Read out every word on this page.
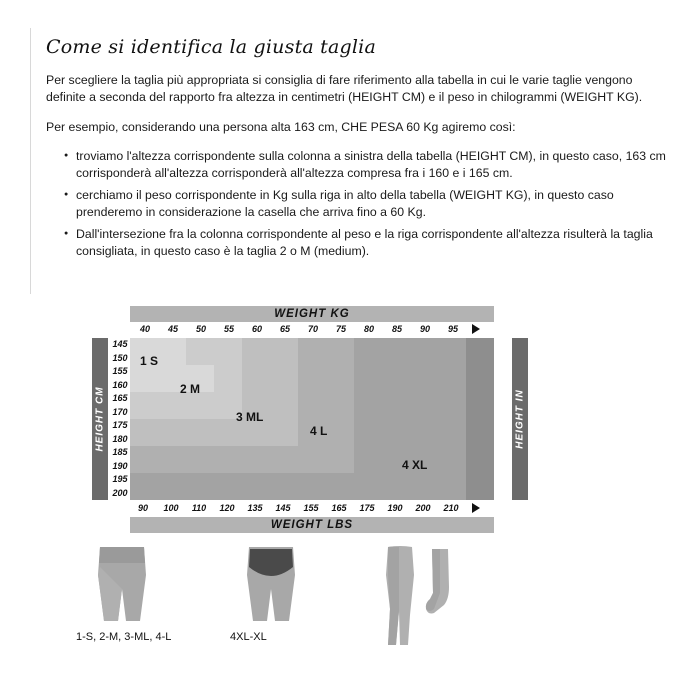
Come si identifica la giusta taglia

Per scegliere la taglia più appropriata si consiglia di fare riferimento alla tabella in cui le varie taglie vengono definite a seconda del rapporto fra altezza in centimetri (HEIGHT CM) e il peso in chilogrammi (WEIGHT KG).

Per esempio, considerando una persona alta 163 cm, CHE PESA 60 Kg agiremo così:

● troviamo l'altezza corrispondente sulla colonna a sinistra della tabella (HEIGHT CM), in questo caso, 163 cm corrisponderà all'altezza corrisponderà all'altezza compresa fra i 160 e i 165 cm.
● cerchiamo il peso corrispondente in Kg sulla riga in alto della tabella (WEIGHT KG), in questo caso prenderemo in considerazione la casella che arriva fino a 60 Kg.
● Dall'intersezione fra la colonna corrispondente al peso e la riga corrispondente all'altezza risulterà la taglia consigliata, in questo caso è la taglia 2 o M (medium).
WEIGHT KG
40	45	50	55	60	65	70	75	80	85	90	95
HEIGHT CM	HEIGHT IN
145
150
155
160
165
170
175
180
185
190
195
200
57
59
61
63
65
67
69
71
73
75
77
79
1 S
2 M
3 ML
4 L
4 XL
90	100	110	120	135	145	155	165	175	190	200	210
WEIGHT LBS
1-S, 2-M, 3-ML, 4-L	4XL-XL
